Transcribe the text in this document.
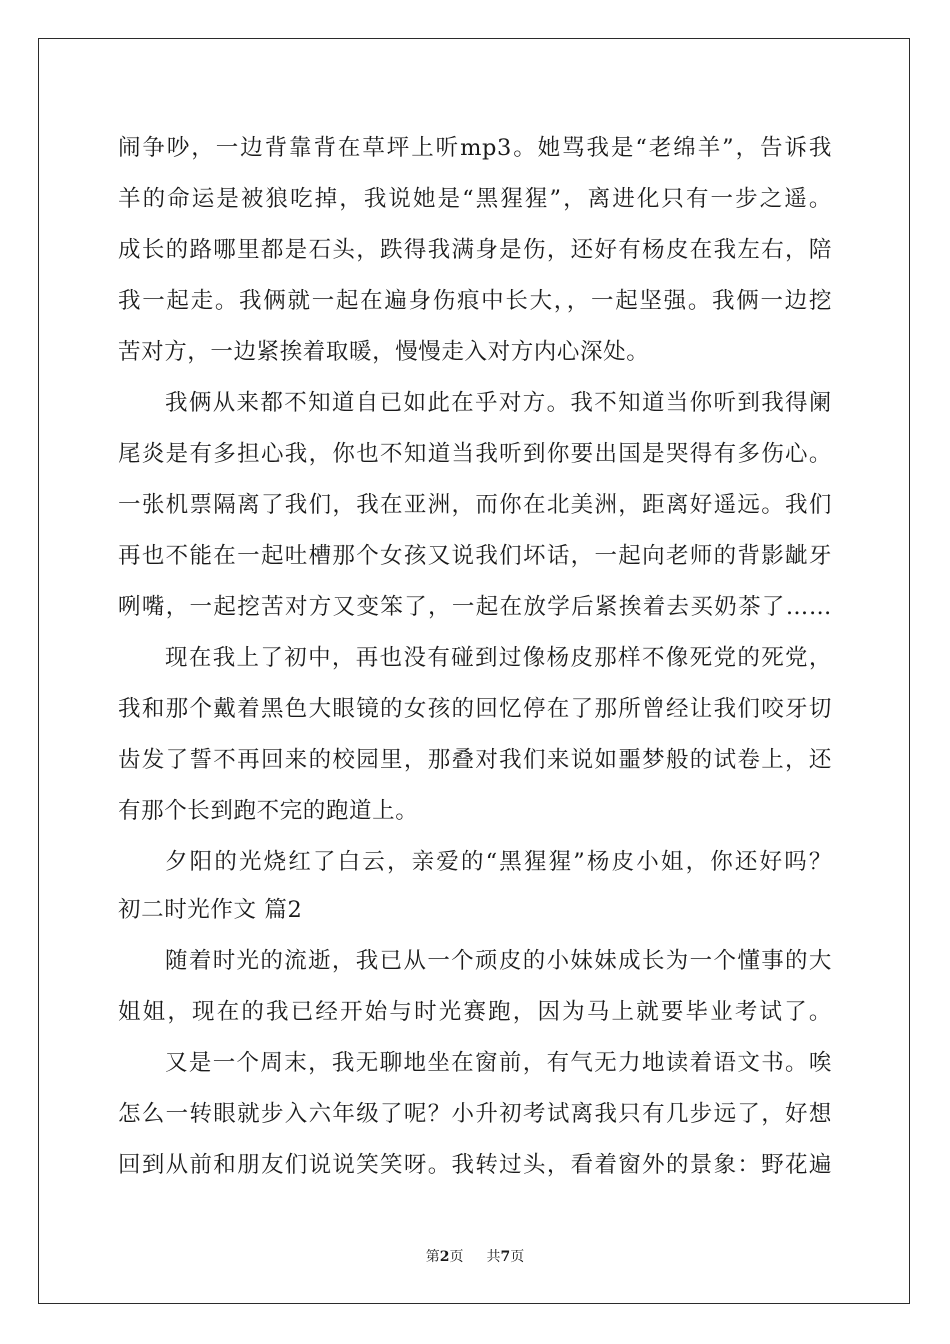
闹争吵，一边背靠背在草坪上听mp3。她骂我是“老绵羊”，告诉我
羊的命运是被狼吃掉，我说她是“黑猩猩”，离进化只有一步之遥。
成长的路哪里都是石头，跌得我满身是伤，还好有杨皮在我左右，陪
我一起走。我俩就一起在遍身伤痕中长大，，一起坚强。我俩一边挖
苦对方，一边紧挨着取暖，慢慢走入对方内心深处。
我俩从来都不知道自已如此在乎对方。我不知道当你听到我得阑
尾炎是有多担心我，你也不知道当我听到你要出国是哭得有多伤心。
一张机票隔离了我们，我在亚洲，而你在北美洲，距离好遥远。我们
再也不能在一起吐槽那个女孩又说我们坏话，一起向老师的背影龇牙
咧嘴，一起挖苦对方又变笨了，一起在放学后紧挨着去买奶茶了……
现在我上了初中，再也没有碰到过像杨皮那样不像死党的死党，
我和那个戴着黑色大眼镜的女孩的回忆停在了那所曾经让我们咬牙切
齿发了誓不再回来的校园里，那叠对我们来说如噩梦般的试卷上，还
有那个长到跑不完的跑道上。
夕阳的光烧红了白云，亲爱的“黑猩猩”杨皮小姐，你还好吗？
初二时光作文 篇2
随着时光的流逝，我已从一个顽皮的小妹妹成长为一个懂事的大
姐姐，现在的我已经开始与时光赛跑，因为马上就要毕业考试了。
又是一个周末，我无聊地坐在窗前，有气无力地读着语文书。唉
怎么一转眼就步入六年级了呢？小升初考试离我只有几步远了，好想
回到从前和朋友们说说笑笑呀。我转过头，看着窗外的景象：野花遍
第2页 共7页
